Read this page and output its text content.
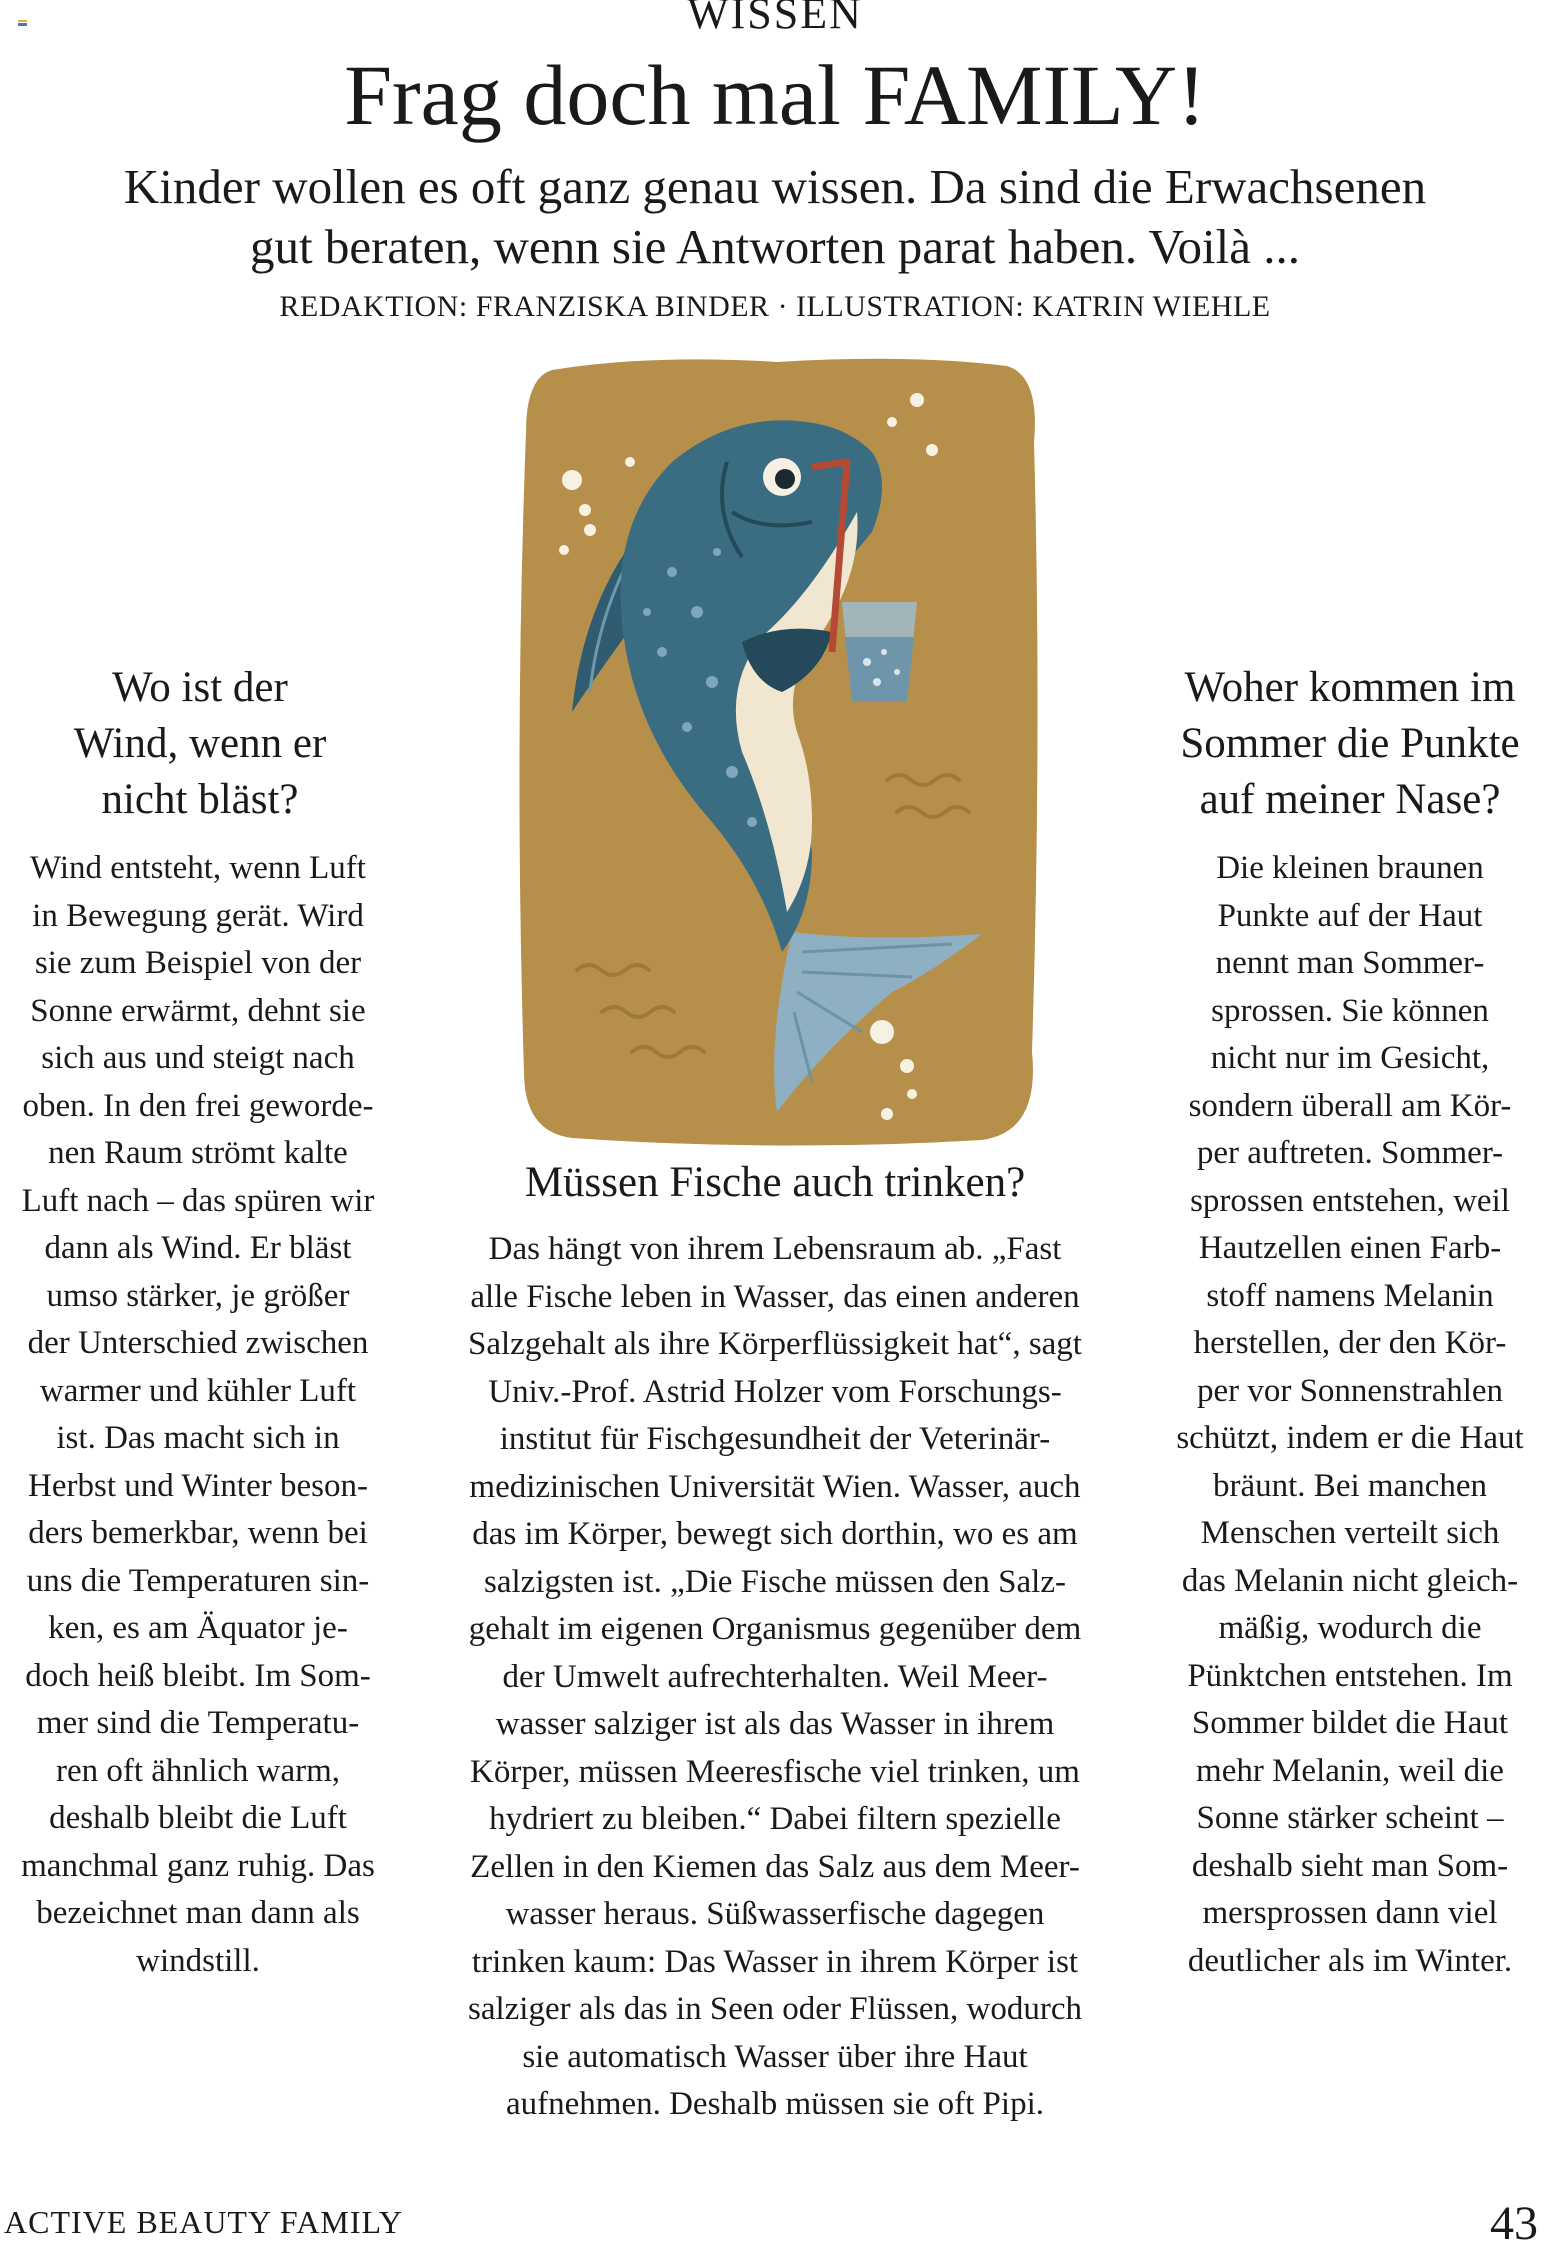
WISSEN
Frag doch mal FAMILY!
Kinder wollen es oft ganz genau wissen. Da sind die Erwachsenen
gut beraten, wenn sie Antworten parat haben. Voilà ...
REDAKTION: FRANZISKA BINDER · ILLUSTRATION: KATRIN WIEHLE
Wo ist der
Wind, wenn er
nicht bläst?
Wind entsteht, wenn Luft
in Bewegung gerät. Wird
sie zum Beispiel von der
Sonne erwärmt, dehnt sie
sich aus und steigt nach
oben. In den frei geworde-
nen Raum strömt kalte
Luft nach – das spüren wir
dann als Wind. Er bläst
umso stärker, je größer
der Unterschied zwischen
warmer und kühler Luft
ist. Das macht sich in
Herbst und Winter beson-
ders bemerkbar, wenn bei
uns die Temperaturen sin-
ken, es am Äquator je-
doch heiß bleibt. Im Som-
mer sind die Temperatu-
ren oft ähnlich warm,
deshalb bleibt die Luft
manchmal ganz ruhig. Das
bezeichnet man dann als
windstill.
Müssen Fische auch trinken?
Das hängt von ihrem Lebensraum ab. „Fast
alle Fische leben in Wasser, das einen anderen
Salzgehalt als ihre Körperflüssigkeit hat“, sagt
Univ.-Prof. Astrid Holzer vom Forschungs-
institut für Fischgesundheit der Veterinär-
medizinischen Universität Wien. Wasser, auch
das im Körper, bewegt sich dorthin, wo es am
salzigsten ist. „Die Fische müssen den Salz-
gehalt im eigenen Organismus gegenüber dem
der Umwelt aufrechterhalten. Weil Meer-
wasser salziger ist als das Wasser in ihrem
Körper, müssen Meeresfische viel trinken, um
hydriert zu bleiben.“ Dabei filtern spezielle
Zellen in den Kiemen das Salz aus dem Meer-
wasser heraus. Süßwasserfische dagegen
trinken kaum: Das Wasser in ihrem Körper ist
salziger als das in Seen oder Flüssen, wodurch
sie automatisch Wasser über ihre Haut
aufnehmen. Deshalb müssen sie oft Pipi.
Woher kommen im
Sommer die Punkte
auf meiner Nase?
Die kleinen braunen
Punkte auf der Haut
nennt man Sommer-
sprossen. Sie können
nicht nur im Gesicht,
sondern überall am Kör-
per auftreten. Sommer-
sprossen entstehen, weil
Hautzellen einen Farb-
stoff namens Melanin
herstellen, der den Kör-
per vor Sonnenstrahlen
schützt, indem er die Haut
bräunt. Bei manchen
Menschen verteilt sich
das Melanin nicht gleich-
mäßig, wodurch die
Pünktchen entstehen. Im
Sommer bildet die Haut
mehr Melanin, weil die
Sonne stärker scheint –
deshalb sieht man Som-
mersprossen dann viel
deutlicher als im Winter.
ACTIVE BEAUTY FAMILY	43
